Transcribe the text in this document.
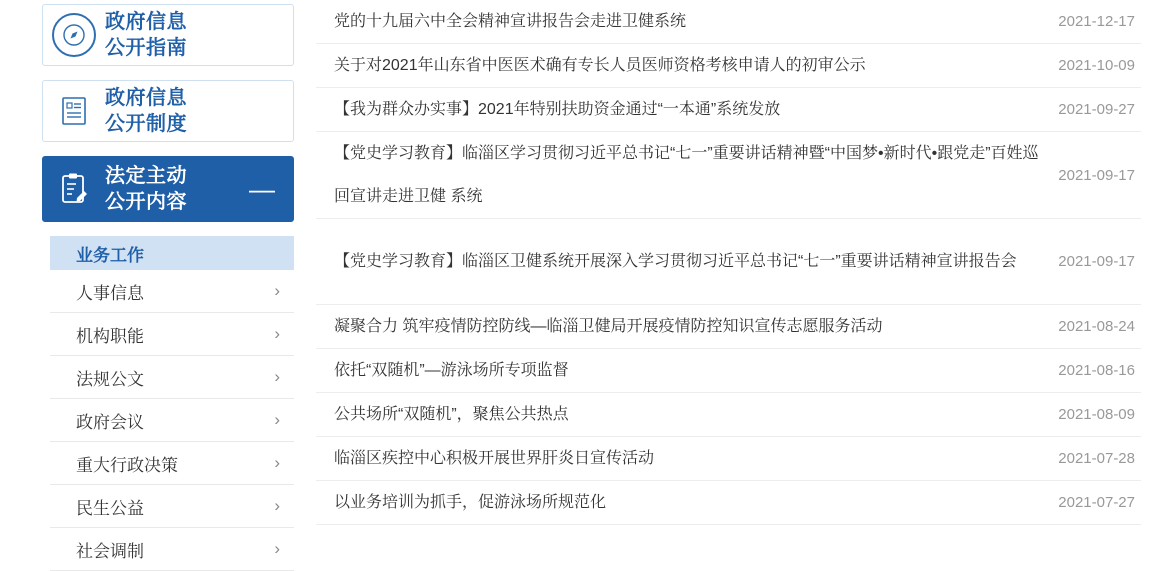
政府信息
公开指南
政府信息
公开制度
法定主动
公开内容 —
业务工作
人事信息	›
机构职能	›
法规公文	›
政府会议	›
重大行政决策	›
民生公益	›
社会调制	›
党的十九届六中全会精神宣讲报告会走进卫健系统	2021-12-17
关于对2021年山东省中医医术确有专长人员医师资格考核申请人的初审公示	2021-10-09
【我为群众办实事】2021年特别扶助资金通过“一本通”系统发放	2021-09-27
【党史学习教育】临淄区学习贯彻习近平总书记“七一”重要讲话精神暨“中国梦•新时代•跟党走”百姓巡回宣讲走进卫健 系统
2021-09-17
【党史学习教育】临淄区卫健系统开展深入学习贯彻习近平总书记“七一”重要讲话精神宣讲报告会	2021-09-17
凝聚合力 筑牢疫情防控防线—临淄卫健局开展疫情防控知识宣传志愿服务活动	2021-08-24
依托“双随机”—游泳场所专项监督	2021-08-16
公共场所“双随机”，聚焦公共热点	2021-08-09
临淄区疾控中心积极开展世界肝炎日宣传活动	2021-07-28
以业务培训为抓手，促游泳场所规范化	2021-07-27
